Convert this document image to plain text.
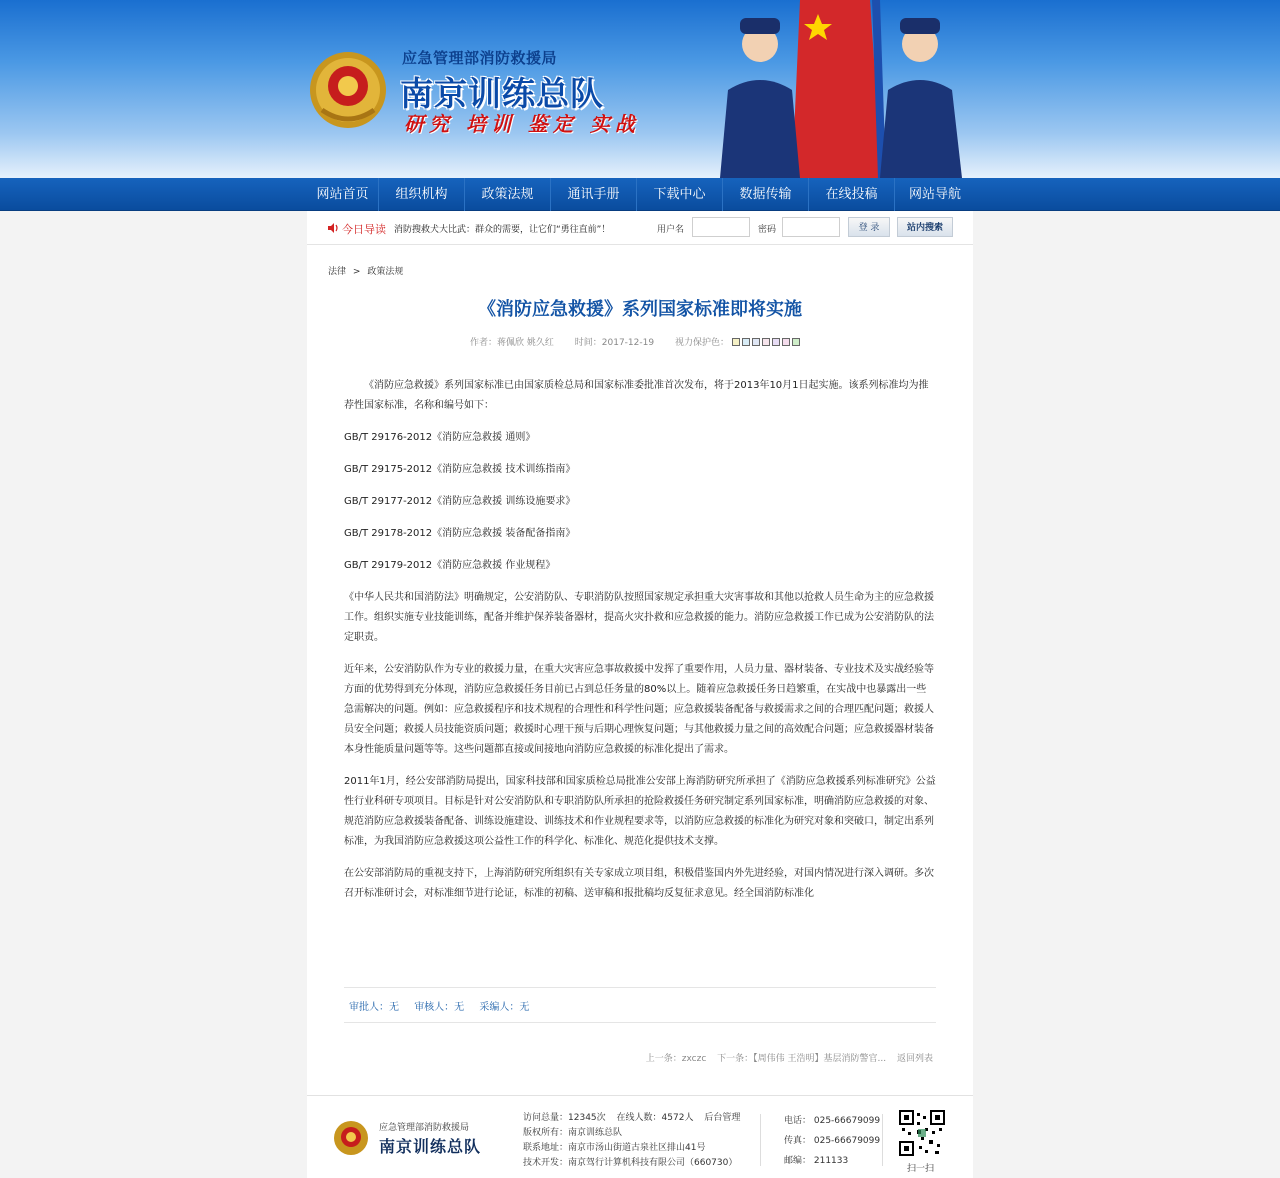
应急管理部消防救援局
南京训练总队
研究 培训 鉴定 实战
网站首页	组织机构	政策法规	通讯手册	下载中心	数据传输	在线投稿	网站导航
今日导读 消防搜救犬大比武：群众的需要，让它们“勇往直前”！	用户名	密码	登 录	站内搜索
法律 > 政策法规
《消防应急救援》系列国家标准即将实施
作者：蒋佩欣 姚久红 时间：2017-12-19 视力保护色：

《消防应急救援》系列国家标准已由国家质检总局和国家标准委批准首次发布，将于2013年10月1日起实施。该系列标准均为推荐性国家标准，名称和编号如下：

GB/T 29176-2012《消防应急救援 通则》

GB/T 29175-2012《消防应急救援 技术训练指南》

GB/T 29177-2012《消防应急救援 训练设施要求》

GB/T 29178-2012《消防应急救援 装备配备指南》

GB/T 29179-2012《消防应急救援 作业规程》

《中华人民共和国消防法》明确规定，公安消防队、专职消防队按照国家规定承担重大灾害事故和其他以抢救人员生命为主的应急救援工作。组织实施专业技能训练，配备并维护保养装备器材，提高火灾扑救和应急救援的能力。消防应急救援工作已成为公安消防队的法定职责。

近年来，公安消防队作为专业的救援力量，在重大灾害应急事故救援中发挥了重要作用，人员力量、器材装备、专业技术及实战经验等方面的优势得到充分体现，消防应急救援任务目前已占到总任务量的80%以上。随着应急救援任务日趋繁重，在实战中也暴露出一些急需解决的问题。例如：应急救援程序和技术规程的合理性和科学性问题；应急救援装备配备与救援需求之间的合理匹配问题；救援人员安全问题；救援人员技能资质问题；救援时心理干预与后期心理恢复问题；与其他救援力量之间的高效配合问题；应急救援器材装备本身性能质量问题等等。这些问题都直接或间接地向消防应急救援的标准化提出了需求。

2011年1月，经公安部消防局提出，国家科技部和国家质检总局批准公安部上海消防研究所承担了《消防应急救援系列标准研究》公益性行业科研专项项目。目标是针对公安消防队和专职消防队所承担的抢险救援任务研究制定系列国家标准，明确消防应急救援的对象、规范消防应急救援装备配备、训练设施建设、训练技术和作业规程要求等，以消防应急救援的标准化为研究对象和突破口，制定出系列标准，为我国消防应急救援这项公益性工作的科学化、标准化、规范化提供技术支撑。

在公安部消防局的重视支持下，上海消防研究所组织有关专家成立项目组，积极借鉴国内外先进经验，对国内情况进行深入调研。多次召开标准研讨会，对标准细节进行论证，标准的初稿、送审稿和报批稿均反复征求意见。经全国消防标准化

审批人：无 审核人：无 采编人：无
上一条：zxczc 下一条：【周伟伟 王浩明】基层消防警官... 返回列表
应急管理部消防救援局
南京训练总队
访问总量：12345次 在线人数：4572人 后台管理
版权所有：南京训练总队
联系地址：南京市汤山街道古泉社区排山41号
技术开发：南京驾行计算机科技有限公司（660730）
电话： 025-66679099
传真： 025-66679099
邮编： 211133
扫一扫
